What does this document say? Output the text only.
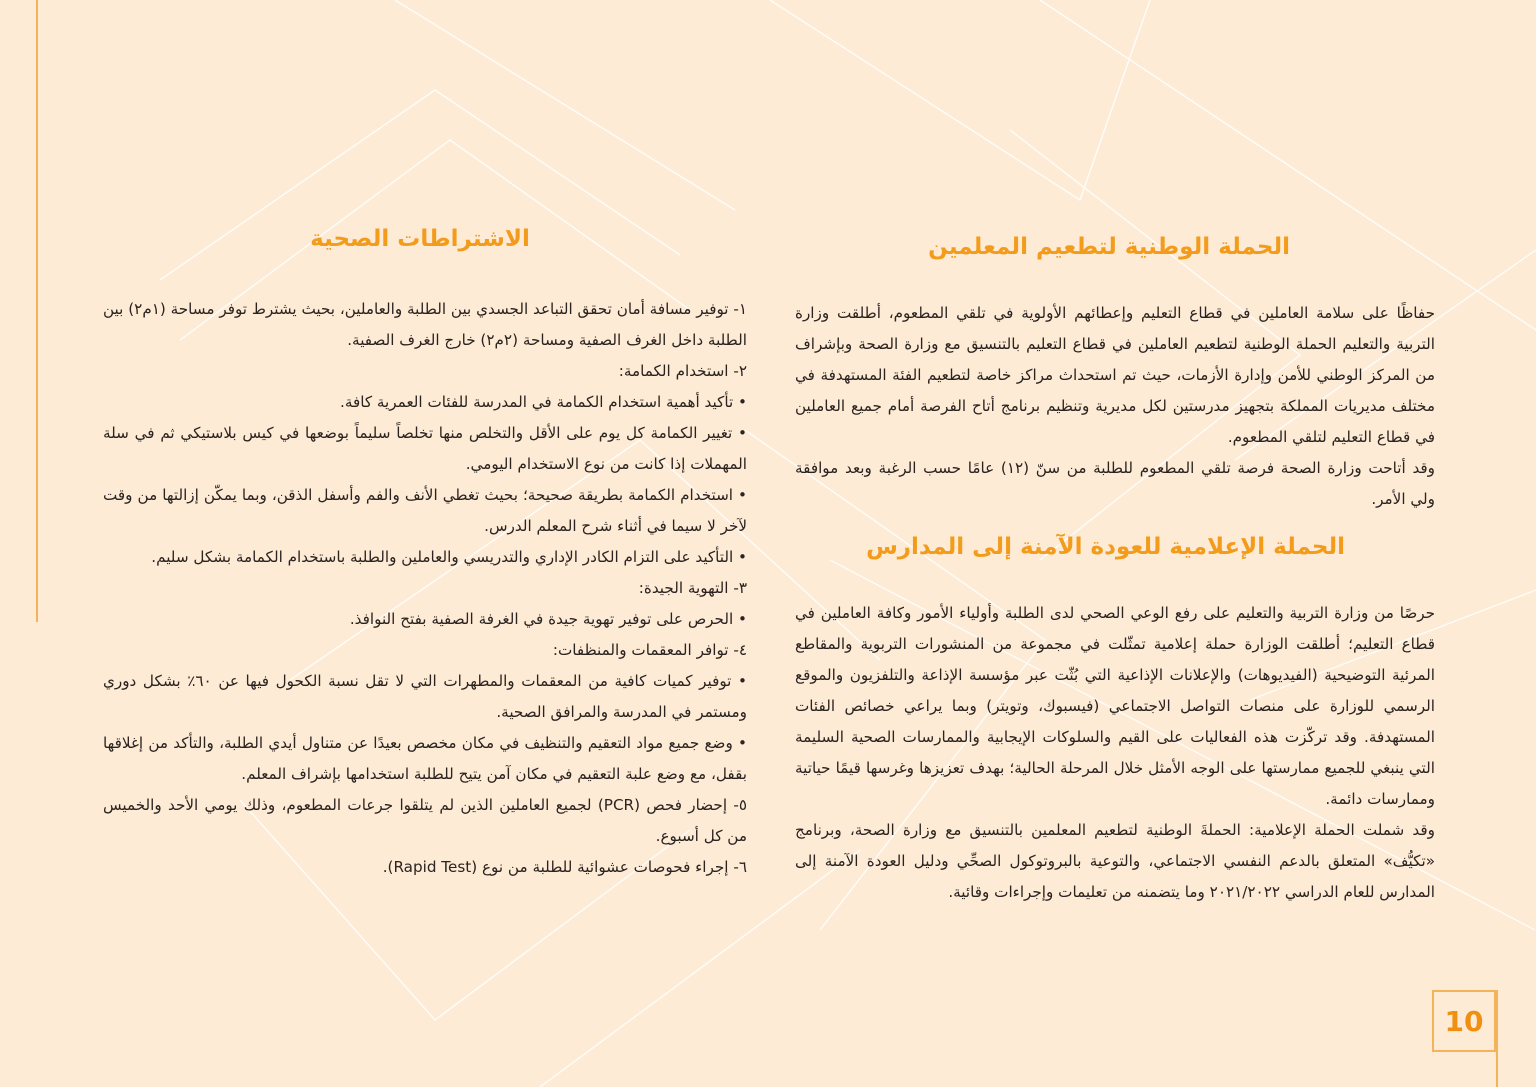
الحملة الوطنية لتطعيم المعلمين

حفاظًا على سلامة العاملين في قطاع التعليم وإعطائهم الأولوية في تلقي المطعوم، أطلقت وزارة التربية والتعليم الحملة الوطنية لتطعيم العاملين في قطاع التعليم بالتنسيق مع وزارة الصحة وبإشراف من المركز الوطني للأمن وإدارة الأزمات، حيث تم استحداث مراكز خاصة لتطعيم الفئة المستهدفة في مختلف مديريات المملكة بتجهيز مدرستين لكل مديرية وتنظيم برنامج أتاح الفرصة أمام جميع العاملين في قطاع التعليم لتلقي المطعوم.

وقد أتاحت وزارة الصحة فرصة تلقي المطعوم للطلبة من سنّ (١٢) عامًا حسب الرغبة وبعد موافقة ولي الأمر.

الحملة الإعلامية للعودة الآمنة إلى المدارس

حرصًا من وزارة التربية والتعليم على رفع الوعي الصحي لدى الطلبة وأولياء الأمور وكافة العاملين في قطاع التعليم؛ أطلقت الوزارة حملة إعلامية تمثّلت في مجموعة من المنشورات التربوية والمقاطع المرئية التوضيحية (الفيديوهات) والإعلانات الإذاعية التي بُثّت عبر مؤسسة الإذاعة والتلفزيون والموقع الرسمي للوزارة على منصات التواصل الاجتماعي (فيسبوك، وتويتر) وبما يراعي خصائص الفئات المستهدفة. وقد تركّزت هذه الفعاليات على القيم والسلوكات الإيجابية والممارسات الصحية السليمة التي ينبغي للجميع ممارستها على الوجه الأمثل خلال المرحلة الحالية؛ بهدف تعزيزها وغرسها قيمًا حياتية وممارسات دائمة.

وقد شملت الحملة الإعلامية: الحملةَ الوطنية لتطعيم المعلمين بالتنسيق مع وزارة الصحة، وبرنامج «تكيُّف» المتعلق بالدعم النفسي الاجتماعي، والتوعية بالبروتوكول الصحِّي ودليل العودة الآمنة إلى المدارس للعام الدراسي ٢٠٢١/٢٠٢٢ وما يتضمنه من تعليمات وإجراءات وقائية.

الاشتراطات الصحية

١- توفير مسافة أمان تحقق التباعد الجسدي بين الطلبة والعاملين، بحيث يشترط توفر مساحة (١م٢) بين الطلبة داخل الغرف الصفية ومساحة (٢م٢) خارج الغرف الصفية.

٢- استخدام الكمامة:

• تأكيد أهمية استخدام الكمامة في المدرسة للفئات العمرية كافة.

• تغيير الكمامة كل يوم على الأقل والتخلص منها تخلصاً سليماً بوضعها في كيس بلاستيكي ثم في سلة المهملات إذا كانت من نوع الاستخدام اليومي.

• استخدام الكمامة بطريقة صحيحة؛ بحيث تغطي الأنف والفم وأسفل الذقن، وبما يمكّن إزالتها من وقت لآخر لا سيما في أثناء شرح المعلم الدرس.

• التأكيد على التزام الكادر الإداري والتدريسي والعاملين والطلبة باستخدام الكمامة بشكل سليم.

٣- التهوية الجيدة:

• الحرص على توفير تهوية جيدة في الغرفة الصفية بفتح النوافذ.

٤- توافر المعقمات والمنظفات:

• توفير كميات كافية من المعقمات والمطهرات التي لا تقل نسبة الكحول فيها عن ٦٠٪ بشكل دوري ومستمر في المدرسة والمرافق الصحية.

• وضع جميع مواد التعقيم والتنظيف في مكان مخصص بعيدًا عن متناول أيدي الطلبة، والتأكد من إغلاقها بقفل، مع وضع علبة التعقيم في مكان آمن يتيح للطلبة استخدامها بإشراف المعلم.

٥- إحضار فحص (PCR) لجميع العاملين الذين لم يتلقوا جرعات المطعوم، وذلك يومي الأحد والخميس من كل أسبوع.

٦- إجراء فحوصات عشوائية للطلبة من نوع (Rapid Test).

10
